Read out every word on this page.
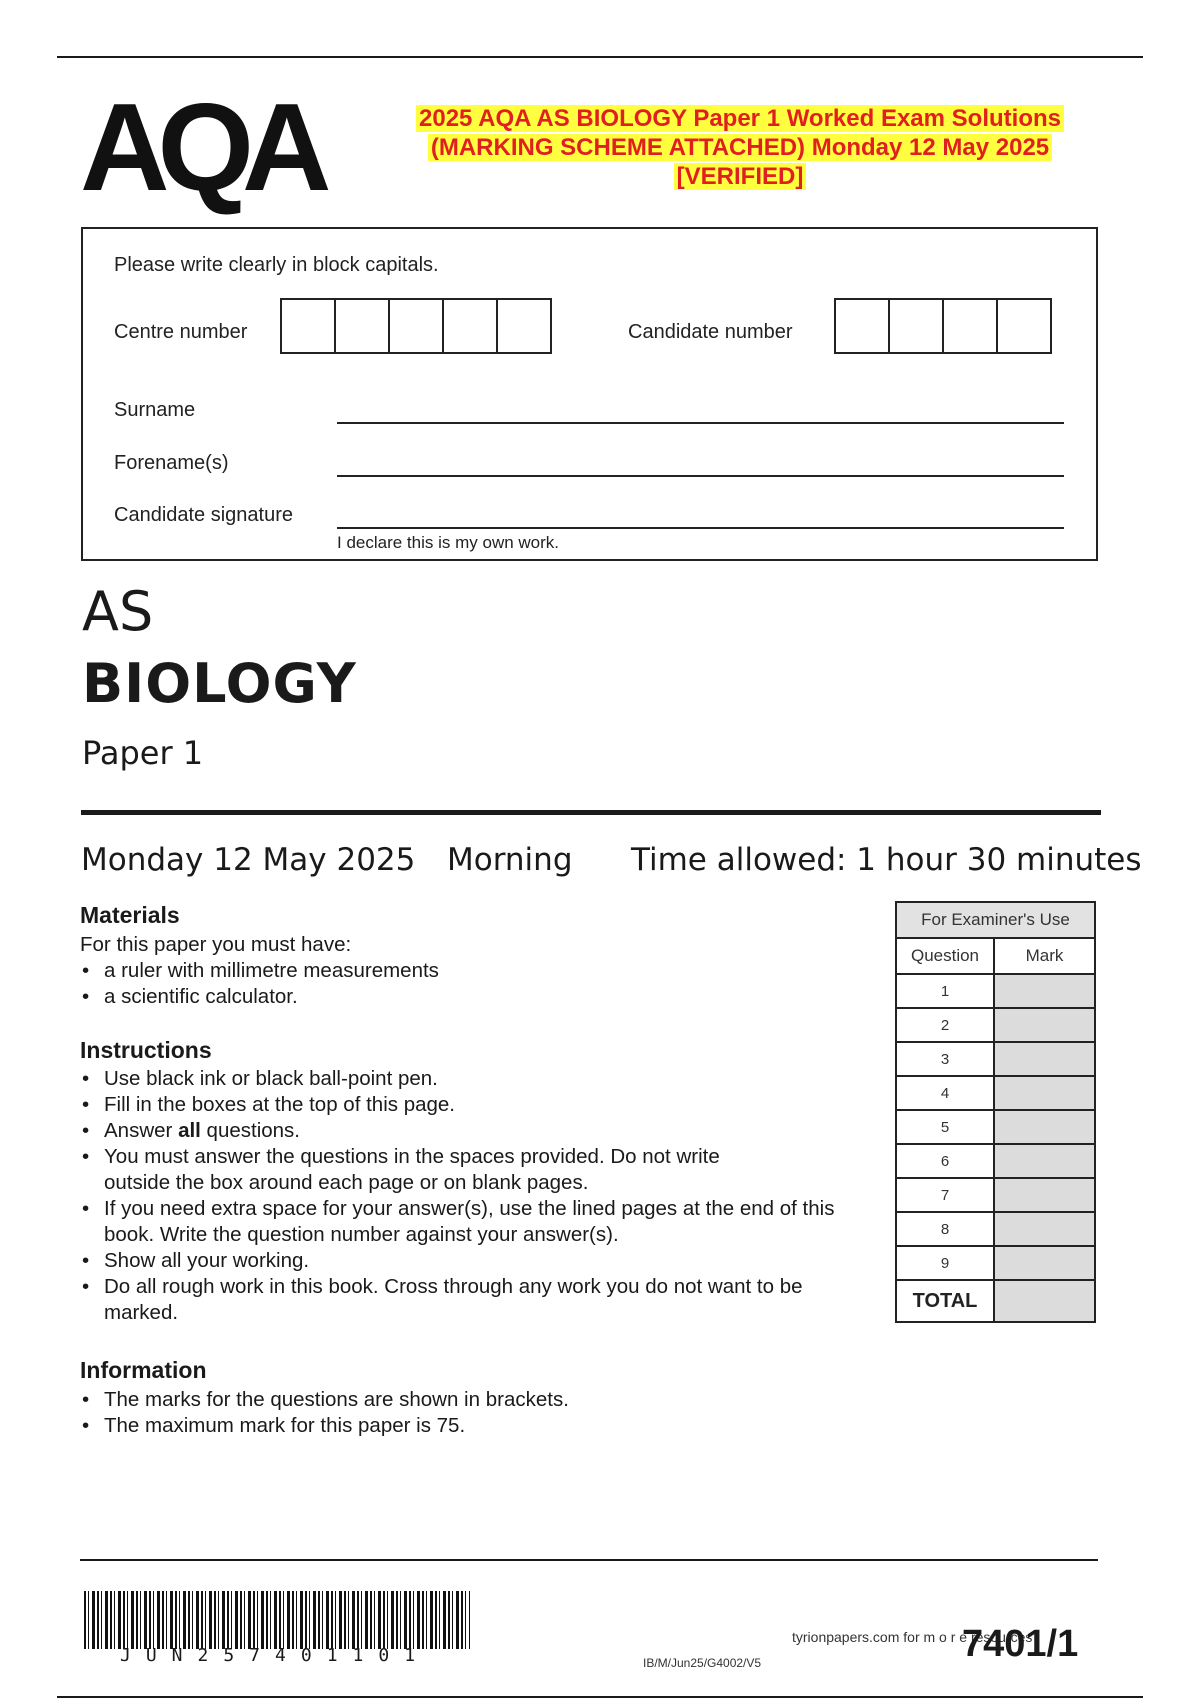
AQA	2025 AQA AS BIOLOGY Paper 1 Worked Exam Solutions
(MARKING SCHEME ATTACHED) Monday 12 May 2025
[VERIFIED]
Please write clearly in block capitals.
Centre number	Candidate number
Surname
Forename(s)
Candidate signature
I declare this is my own work.
AS
BIOLOGY
Paper 1
Monday 12 May 2025 Morning Time allowed: 1 hour 30 minutes
Materials
For this paper you must have:
• a ruler with millimetre measurements
• a scientific calculator.
Instructions
• Use black ink or black ball-point pen.
• Fill in the boxes at the top of this page.
• Answer all questions.
• You must answer the questions in the spaces provided. Do not write outside the box around each page or on blank pages.
• If you need extra space for your answer(s), use the lined pages at the end of this book. Write the question number against your answer(s).
• Show all your working.
• Do all rough work in this book. Cross through any work you do not want to be marked.
Information
• The marks for the questions are shown in brackets.
• The maximum mark for this paper is 75.
For Examiner's Use	
Question	Mark
1	
2	
3	
4	
5	
6	
7	
8	
9	
TOTAL	
JUN257401101	IB/M/Jun25/G4002/V5
tyrionpapers.com for m o r e resources
7401/1
